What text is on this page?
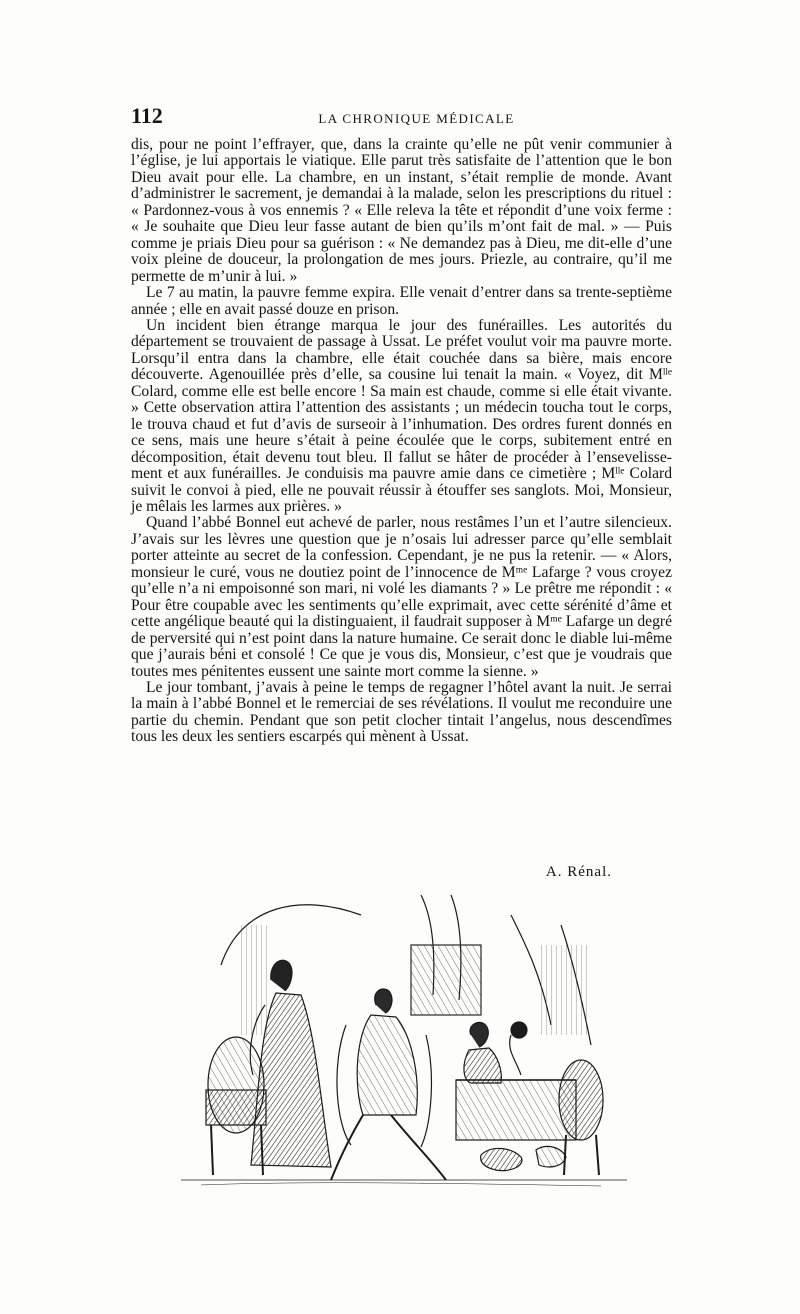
112	LA CHRONIQUE MÉDICALE

dis, pour ne point l’effrayer, que, dans la crainte qu’elle ne pût venir communier à l’église, je lui apportais le viatique. Elle parut très satisfaite de l’attention que le bon Dieu avait pour elle. La chambre, en un instant, s’était remplie de monde. Avant d’administrer le sacrement, je demandai à la malade, selon les prescriptions du rituel : « Pardonnez-vous à vos ennemis ? « Elle releva la tête et répondit d’une voix ferme : « Je souhaite que Dieu leur fasse autant de bien qu’ils m’ont fait de mal. » — Puis comme je priais Dieu pour sa guérison : « Ne demandez pas à Dieu, me dit-elle d’une voix pleine de douceur, la prolongation de mes jours. Priezle, au contraire, qu’il me permette de m’unir à lui. »

Le 7 au matin, la pauvre femme expira. Elle venait d’entrer dans sa trente-septième année ; elle en avait passé douze en prison.

Un incident bien étrange marqua le jour des funérailles. Les autorités du département se trouvaient de passage à Ussat. Le préfet voulut voir ma pauvre morte. Lorsqu’il entra dans la chambre, elle était couchée dans sa bière, mais encore découverte. Agenouillée près d’elle, sa cousine lui tenait la main. « Voyez, dit Mˡˡᵉ Colard, comme elle est belle encore ! Sa main est chaude, comme si elle était vivante. » Cette observation attira l’attention des assistants ; un médecin toucha tout le corps, le trouva chaud et fut d’avis de surseoir à l’inhumation. Des ordres furent donnés en ce sens, mais une heure s’était à peine écoulée que le corps, subitement entré en décomposition, était devenu tout bleu. Il fallut se hâter de procéder à l’ensevelissement et aux funérailles. Je conduisis ma pauvre amie dans ce cimetière ; Mˡˡᵉ Colard suivit le convoi à pied, elle ne pouvait réussir à étouffer ses sanglots. Moi, Monsieur, je mêlais les larmes aux prières. »

Quand l’abbé Bonnel eut achevé de parler, nous restâmes l’un et l’autre silencieux. J’avais sur les lèvres une question que je n’osais lui adresser parce qu’elle semblait porter atteinte au secret de la confession. Cependant, je ne pus la retenir. — « Alors, monsieur le curé, vous ne doutiez point de l’innocence de Mᵐᵉ Lafarge ? vous croyez qu’elle n’a ni empoisonné son mari, ni volé les diamants ? » Le prêtre me répondit : « Pour être coupable avec les sentiments qu’elle exprimait, avec cette sérénité d’âme et cette angélique beauté qui la distinguaient, il faudrait supposer à Mᵐᵉ Lafarge un degré de perversité qui n’est point dans la nature humaine. Ce serait donc le diable lui-même que j’aurais béni et consolé ! Ce que je vous dis, Monsieur, c’est que je voudrais que toutes mes pénitentes eussent une sainte mort comme la sienne. »

Le jour tombant, j’avais à peine le temps de regagner l’hôtel avant la nuit. Je serrai la main à l’abbé Bonnel et le remerciai de ses révélations. Il voulut me reconduire une partie du chemin. Pendant que son petit clocher tintait l’angelus, nous descendîmes tous les deux les sentiers escarpés qui mènent à Ussat.

A. Rénal.
